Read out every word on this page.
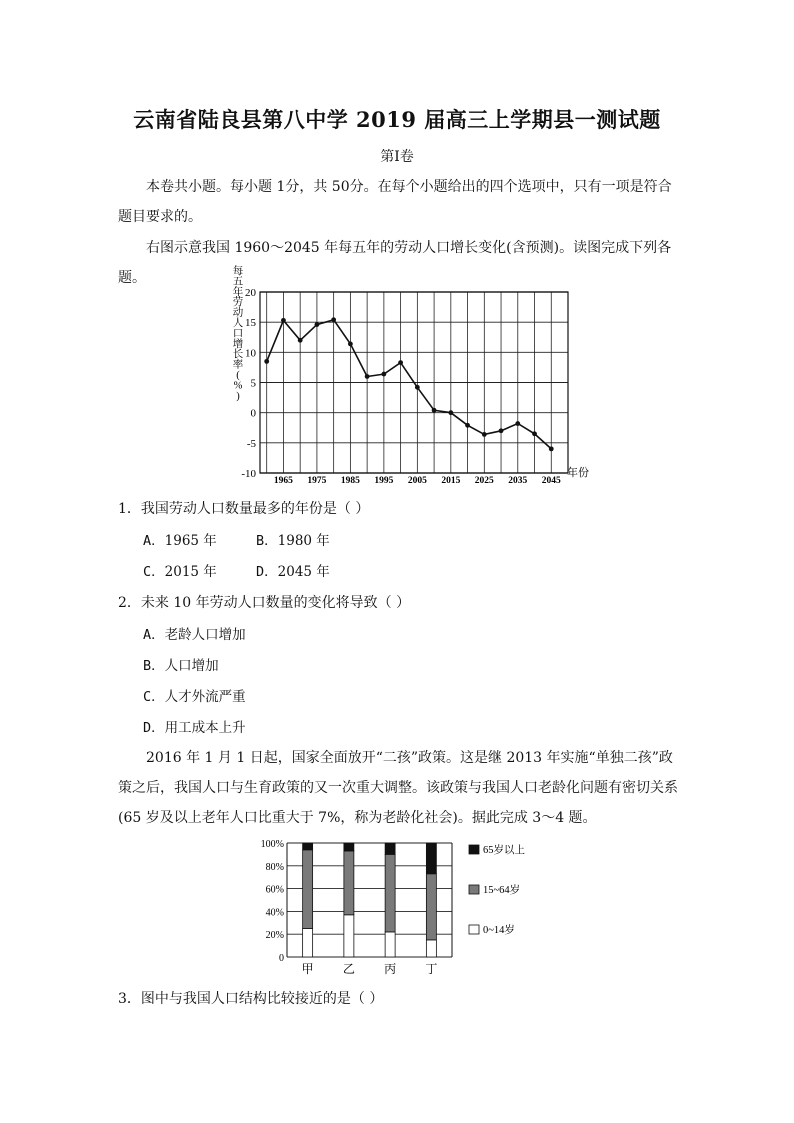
云南省陆良县第八中学 2019 届高三上学期县一测试题
第Ⅰ卷

本卷共小题。每小题 1分，共 50分。在每个小题给出的四个选项中，只有一项是符合题目要求的。

右图示意我国 1960～2045 年每五年的劳动人口增长变化(含预测)。读图完成下列各题。

20
15
10
5
0
-5
-10
1965 1975 1985 1995 2005 2015 2025 2035 2045
每
五
年
劳
动
人
口
增
长
率
(
%
)
年份
1．我国劳动人口数量最多的年份是（ ）
A．1965 年	B．1980 年
C．2015 年	D．2045 年
2．未来 10 年劳动人口数量的变化将导致（ ）
A．老龄人口增加
B．人口增加
C．人才外流严重
D．用工成本上升

2016 年 1 月 1 日起，国家全面放开“二孩”政策。这是继 2013 年实施“单独二孩”政策之后，我国人口与生育政策的又一次重大调整。该政策与我国人口老龄化问题有密切关系(65 岁及以上老年人口比重大于 7%，称为老龄化社会)。据此完成 3～4 题。

100%
80%
60%
40%
20%
0
甲 乙 丙 丁
65岁以上
15~64岁
0~14岁
3．图中与我国人口结构比较接近的是（ ）
